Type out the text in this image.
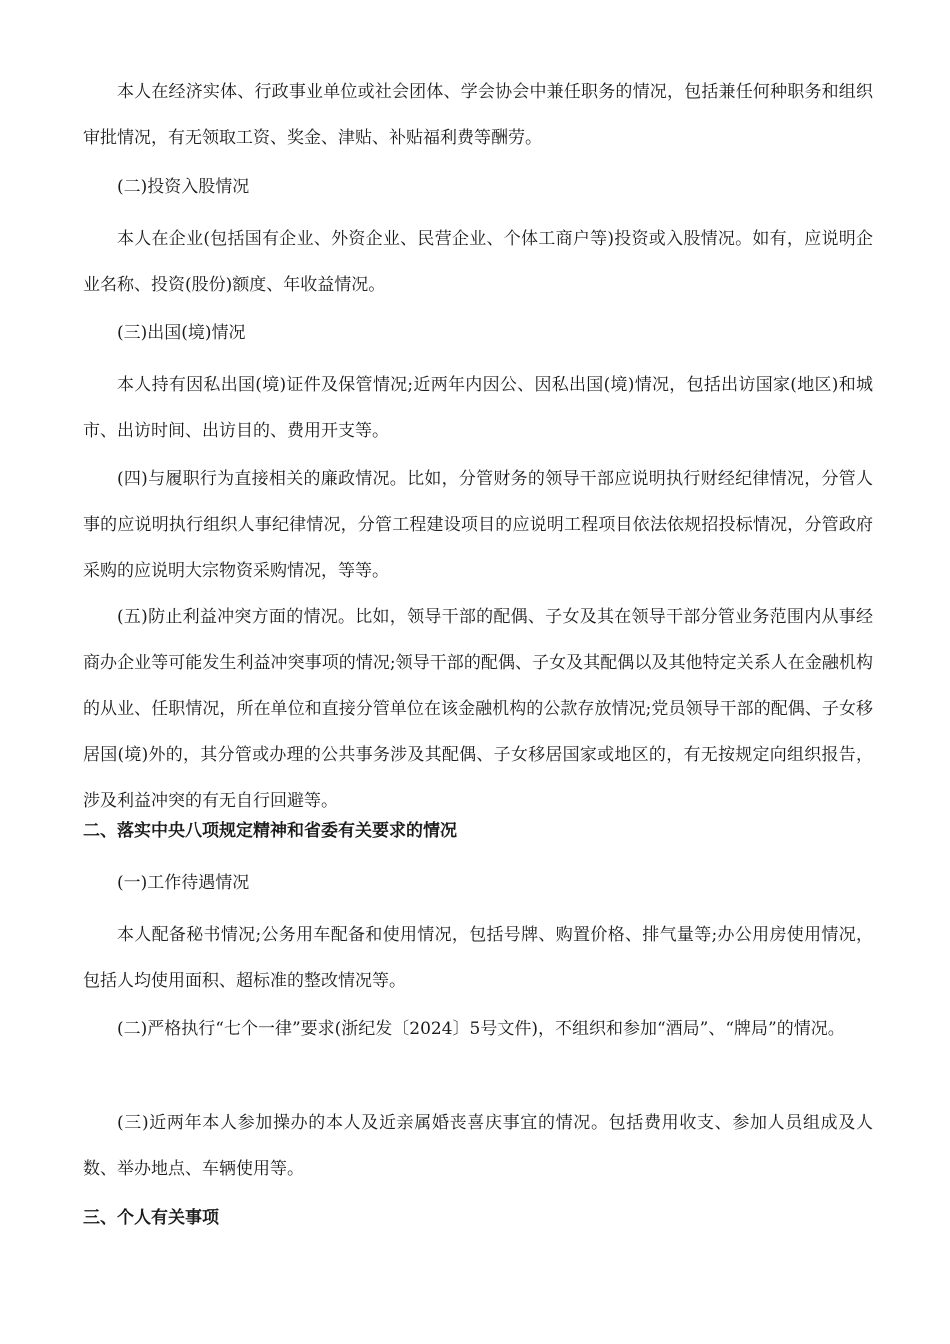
本人在经济实体、行政事业单位或社会团体、学会协会中兼任职务的情况，包括兼任何种职务和组织审批情况，有无领取工资、奖金、津贴、补贴福利费等酬劳。

(二)投资入股情况

本人在企业(包括国有企业、外资企业、民营企业、个体工商户等)投资或入股情况。如有，应说明企业名称、投资(股份)额度、年收益情况。

(三)出国(境)情况

本人持有因私出国(境)证件及保管情况;近两年内因公、因私出国(境)情况，包括出访国家(地区)和城市、出访时间、出访目的、费用开支等。

(四)与履职行为直接相关的廉政情况。比如，分管财务的领导干部应说明执行财经纪律情况，分管人事的应说明执行组织人事纪律情况，分管工程建设项目的应说明工程项目依法依规招投标情况，分管政府采购的应说明大宗物资采购情况，等等。

(五)防止利益冲突方面的情况。比如，领导干部的配偶、子女及其在领导干部分管业务范围内从事经商办企业等可能发生利益冲突事项的情况;领导干部的配偶、子女及其配偶以及其他特定关系人在金融机构的从业、任职情况，所在单位和直接分管单位在该金融机构的公款存放情况;党员领导干部的配偶、子女移居国(境)外的，其分管或办理的公共事务涉及其配偶、子女移居国家或地区的，有无按规定向组织报告，涉及利益冲突的有无自行回避等。

二、落实中央八项规定精神和省委有关要求的情况

(一)工作待遇情况

本人配备秘书情况;公务用车配备和使用情况，包括号牌、购置价格、排气量等;办公用房使用情况，包括人均使用面积、超标准的整改情况等。

(二)严格执行“七个一律”要求(浙纪发〔2024〕5号文件)，不组织和参加“酒局”、“牌局”的情况。

(三)近两年本人参加操办的本人及近亲属婚丧喜庆事宜的情况。包括费用收支、参加人员组成及人数、举办地点、车辆使用等。

三、个人有关事项
